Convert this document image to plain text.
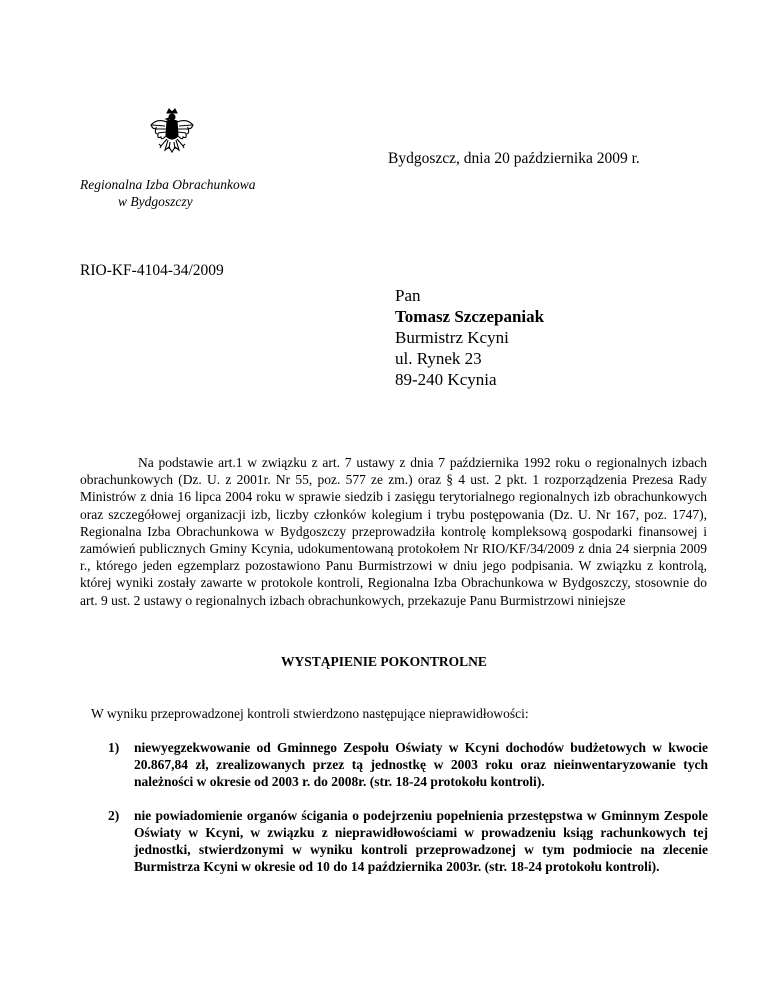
Bydgoszcz, dnia 20 października 2009 r.
Regionalna Izba Obrachunkowa
w Bydgoszczy
RIO-KF-4104-34/2009
Pan
Tomasz Szczepaniak
Burmistrz Kcyni
ul. Rynek 23
89-240 Kcynia

Na podstawie art.1 w związku z art. 7 ustawy z dnia 7 października 1992 roku o regionalnych izbach obrachunkowych (Dz. U. z 2001r. Nr 55, poz. 577 ze zm.) oraz § 4 ust. 2 pkt. 1 rozporządzenia Prezesa Rady Ministrów z dnia 16 lipca 2004 roku w sprawie siedzib i zasięgu terytorialnego regionalnych izb obrachunkowych oraz szczegółowej organizacji izb, liczby członków kolegium i trybu postępowania (Dz. U. Nr 167, poz. 1747), Regionalna Izba Obrachunkowa w Bydgoszczy przeprowadziła kontrolę kompleksową gospodarki finansowej i zamówień publicznych Gminy Kcynia, udokumentowaną protokołem Nr RIO/KF/34/2009 z dnia 24 sierpnia 2009 r., którego jeden egzemplarz pozostawiono Panu Burmistrzowi w dniu jego podpisania. W związku z kontrolą, której wyniki zostały zawarte w protokole kontroli, Regionalna Izba Obrachunkowa w Bydgoszczy, stosownie do art. 9 ust. 2 ustawy o regionalnych izbach obrachunkowych, przekazuje Panu Burmistrzowi niniejsze

WYSTĄPIENIE POKONTROLNE
W wyniku przeprowadzonej kontroli stwierdzono następujące nieprawidłowości:
1) niewyegzekwowanie od Gminnego Zespołu Oświaty w Kcyni dochodów budżetowych w kwocie 20.867,84 zł, zrealizowanych przez tą jednostkę w 2003 roku oraz nieinwentaryzowanie tych należności w okresie od 2003 r. do 2008r. (str. 18-24 protokołu kontroli).
2) nie powiadomienie organów ścigania o podejrzeniu popełnienia przestępstwa w Gminnym Zespole Oświaty w Kcyni, w związku z nieprawidłowościami w prowadzeniu ksiąg rachunkowych tej jednostki, stwierdzonymi w wyniku kontroli przeprowadzonej w tym podmiocie na zlecenie Burmistrza Kcyni w okresie od 10 do 14 października 2003r. (str. 18-24 protokołu kontroli).
